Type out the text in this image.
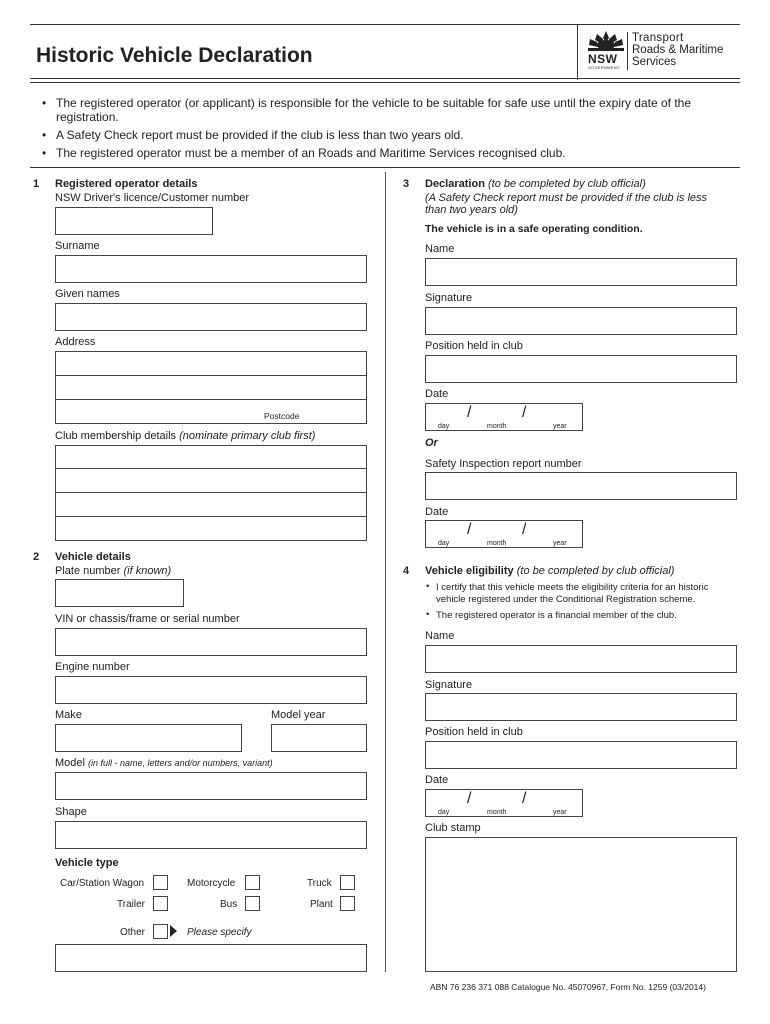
Historic Vehicle Declaration	NSW
GOVERNMENT
Transport
Roads & Maritime
Services
• The registered operator (or applicant) is responsible for the vehicle to be suitable for safe use until the expiry date of the registration.
• A Safety Check report must be provided if the club is less than two years old.
• The registered operator must be a member of an Roads and Maritime Services recognised club.
1 Registered operator details
NSW Driver's licence/Customer number
Surname
Given names
Address
Postcode
Club membership details (nominate primary club first)
2 Vehicle details
Plate number (if known)
VIN or chassis/frame or serial number
Engine number
Make	Model year
Model (in full - name, letters and/or numbers, variant)
Shape
Vehicle type
Car/Station Wagon	Motorcycle	Truck
Trailer	Bus	Plant
Other	Please specify
3 Declaration (to be completed by club official)
(A Safety Check report must be provided if the club is less
than two years old)
The vehicle is in a safe operating condition.
Name
Signature
Position held in club
Date
/	/
day	month	year
Or
Safety Inspection report number
Date
/	/
day	month	year
4 Vehicle eligibility (to be completed by club official)
• I certify that this vehicle meets the eligibility criteria for an historic
vehicle registered under the Conditional Registration scheme.
• The registered operator is a financial member of the club.
Name
Signature
Position held in club
Date
/	/
day	month	year
Club stamp
ABN 76 236 371 088 Catalogue No. 45070967, Form No. 1259 (03/2014)
